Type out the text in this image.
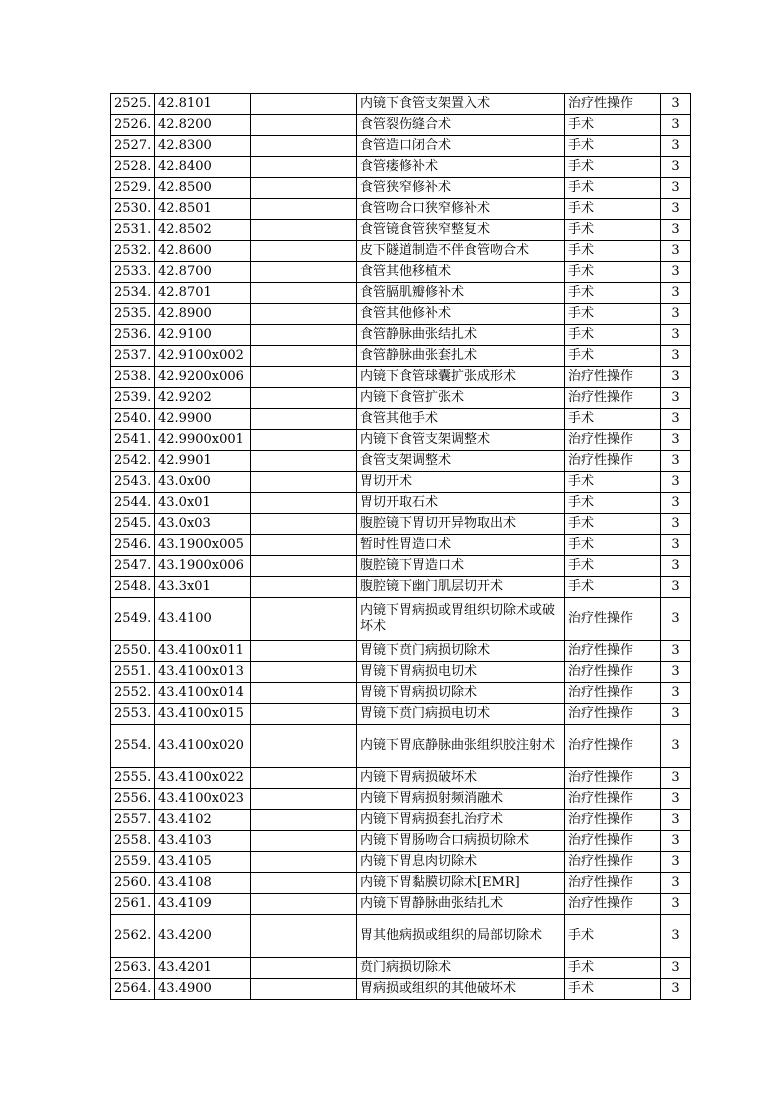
2525.	42.8101		内镜下食管支架置入术	治疗性操作	3
2526.	42.8200		食管裂伤缝合术	手术	3
2527.	42.8300		食管造口闭合术	手术	3
2528.	42.8400		食管瘘修补术	手术	3
2529.	42.8500		食管狭窄修补术	手术	3
2530.	42.8501		食管吻合口狭窄修补术	手术	3
2531.	42.8502		食管镜食管狭窄整复术	手术	3
2532.	42.8600		皮下隧道制造不伴食管吻合术	手术	3
2533.	42.8700		食管其他移植术	手术	3
2534.	42.8701		食管膈肌瓣修补术	手术	3
2535.	42.8900		食管其他修补术	手术	3
2536.	42.9100		食管静脉曲张结扎术	手术	3
2537.	42.9100x002		食管静脉曲张套扎术	手术	3
2538.	42.9200x006		内镜下食管球囊扩张成形术	治疗性操作	3
2539.	42.9202		内镜下食管扩张术	治疗性操作	3
2540.	42.9900		食管其他手术	手术	3
2541.	42.9900x001		内镜下食管支架调整术	治疗性操作	3
2542.	42.9901		食管支架调整术	治疗性操作	3
2543.	43.0x00		胃切开术	手术	3
2544.	43.0x01		胃切开取石术	手术	3
2545.	43.0x03		腹腔镜下胃切开异物取出术	手术	3
2546.	43.1900x005		暂时性胃造口术	手术	3
2547.	43.1900x006		腹腔镜下胃造口术	手术	3
2548.	43.3x01		腹腔镜下幽门肌层切开术	手术	3
2549.	43.4100		内镜下胃病损或胃组织切除术或破坏术	治疗性操作	3
2550.	43.4100x011		胃镜下贲门病损切除术	治疗性操作	3
2551.	43.4100x013		胃镜下胃病损电切术	治疗性操作	3
2552.	43.4100x014		胃镜下胃病损切除术	治疗性操作	3
2553.	43.4100x015		胃镜下贲门病损电切术	治疗性操作	3
2554.	43.4100x020		内镜下胃底静脉曲张组织胶注射术	治疗性操作	3
2555.	43.4100x022		内镜下胃病损破坏术	治疗性操作	3
2556.	43.4100x023		内镜下胃病损射频消融术	治疗性操作	3
2557.	43.4102		内镜下胃病损套扎治疗术	治疗性操作	3
2558.	43.4103		内镜下胃肠吻合口病损切除术	治疗性操作	3
2559.	43.4105		内镜下胃息肉切除术	治疗性操作	3
2560.	43.4108		内镜下胃黏膜切除术[EMR]	治疗性操作	3
2561.	43.4109		内镜下胃静脉曲张结扎术	治疗性操作	3
2562.	43.4200		胃其他病损或组织的局部切除术	手术	3
2563.	43.4201		贲门病损切除术	手术	3
2564.	43.4900		胃病损或组织的其他破坏术	手术	3
